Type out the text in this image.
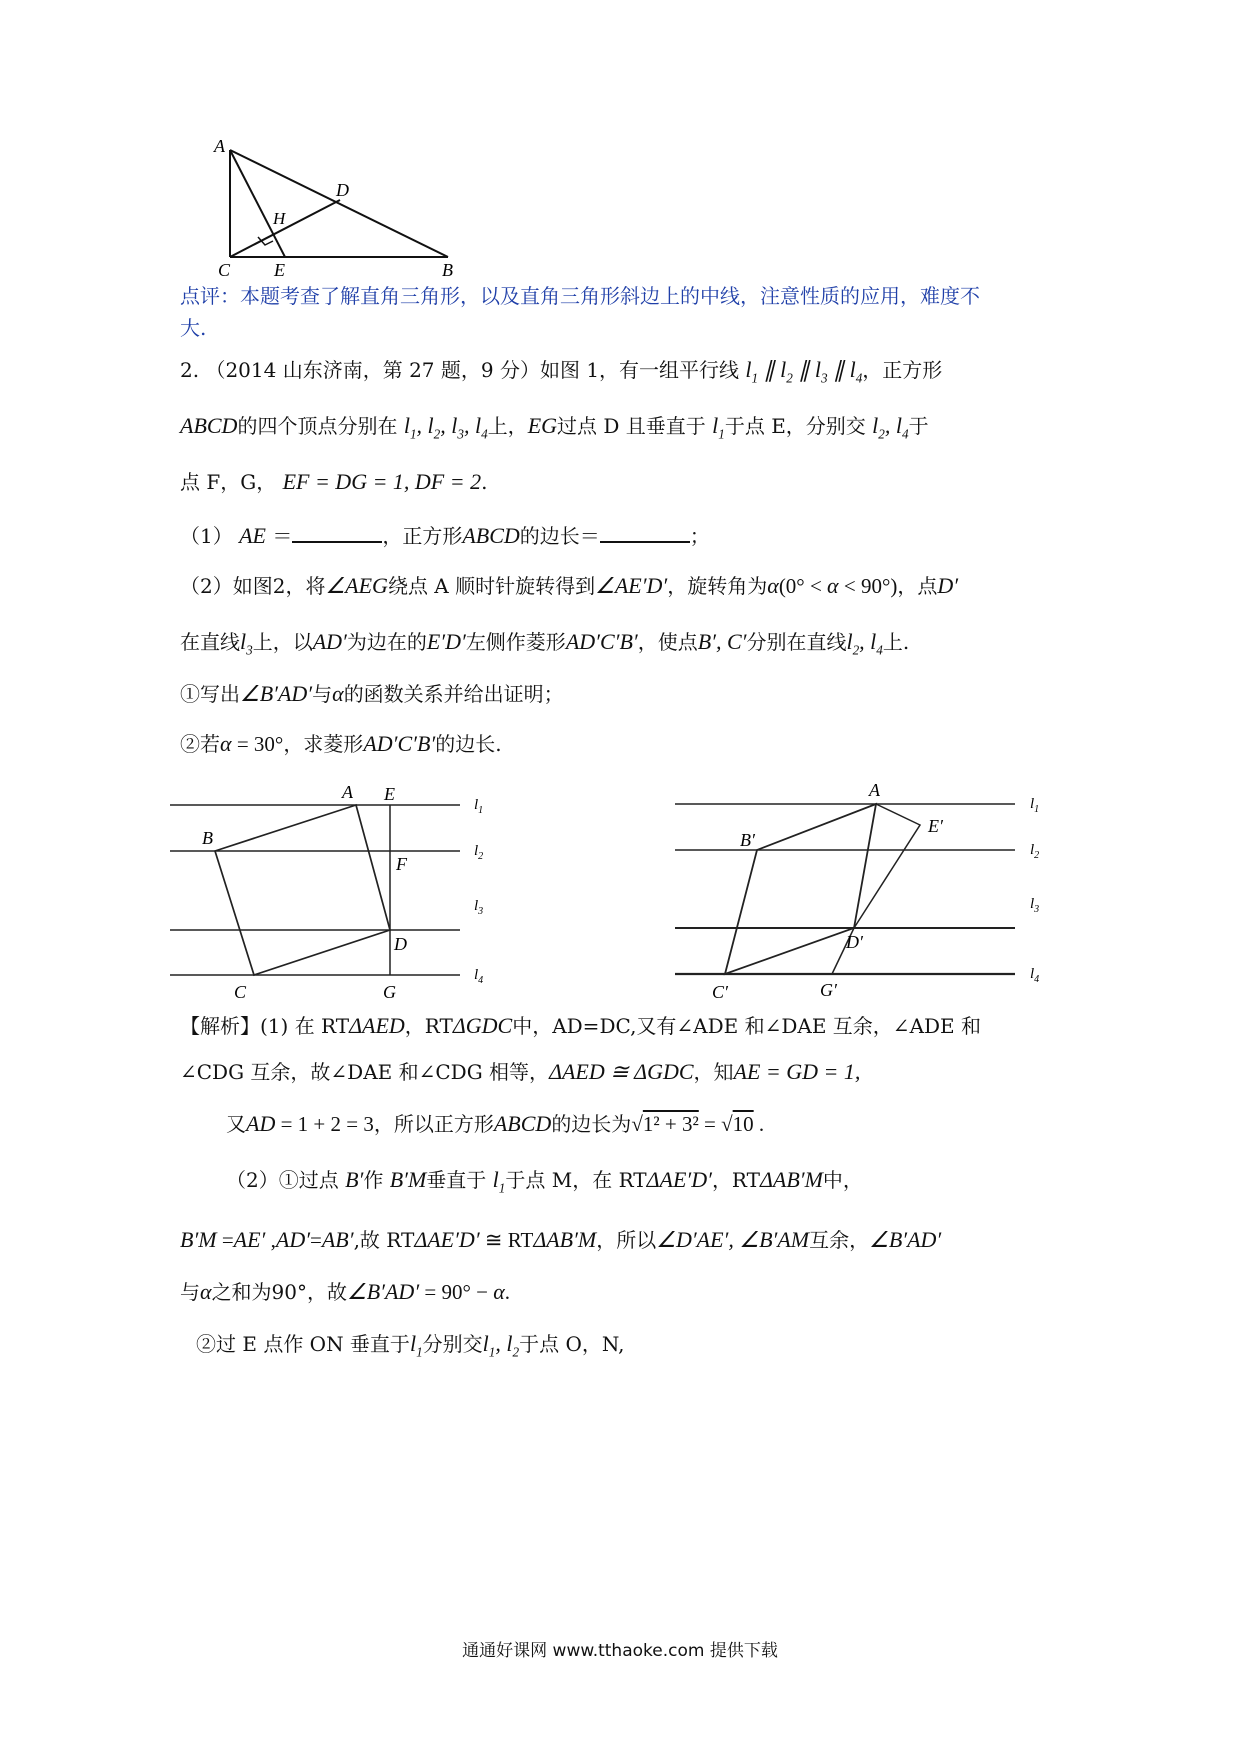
A
D
H
C E	B
点评：本题考查了解直角三角形，以及直角三角形斜边上的中线，注意性质的应用，难度不
大.
2. （2014 山东济南，第 27 题，9 分）如图 1，有一组平行线 $l_1$ ∥ $l_2$ ∥ $l_3$ ∥ $l_4$，正方形
ABCD的四个顶点分别在 $l_1$, $l_2$, $l_3$, $l_4$上，EG过点 D 且垂直于 $l_1$于点 E，分别交 $l_2$, $l_4$于
点 F，G， EF = DG = 1, DF = 2.
（1） AE ＝	，正方形ABCD的边长＝	；
（2）如图2，将∠AEG绕点 A 顺时针旋转得到∠AE′D′，旋转角为α(0° < α < 90°)，点D′
在直线$l_3$上，以AD′为边在的E′D′左侧作菱形AD′C′B′，使点B′, C′分别在直线$l_2$, $l_4$上.
①写出∠B′AD′与α的函数关系并给出证明；
②若α = 30°，求菱形AD′C′B′的边长.
A E
B
F
D
C	G
$l_1$
$l_2$
$l_3$
$l_4$
A
E′
B′
D′
C′	G′
$l_1$
$l_2$
$l_3$
$l_4$
【解析】(1) 在 RTΔAED，RTΔGDC中，AD=DC,又有∠ADE 和∠DAE 互余，∠ADE 和
∠CDG 互余，故∠DAE 和∠CDG 相等，ΔAED ≅ ΔGDC，知AE = GD = 1,
又AD = 1 + 2 = 3，所以正方形ABCD的边长为√1² + 3² = √10 .
（2）①过点 B′作 B′M垂直于 $l_1$于点 M，在 RTΔAE′D′，RTΔAB′M中，
B′M =AE′ ,AD′=AB′,故 RTΔAE′D′ ≅ RTΔAB′M，所以∠D′AE′, ∠B′AM互余，∠B′AD′
与α之和为90°，故∠B′AD′ = 90° − α.
②过 E 点作 ON 垂直于$l_1$分别交$l_1$, $l_2$于点 O，N,
通通好课网 www.tthaoke.com 提供下载
